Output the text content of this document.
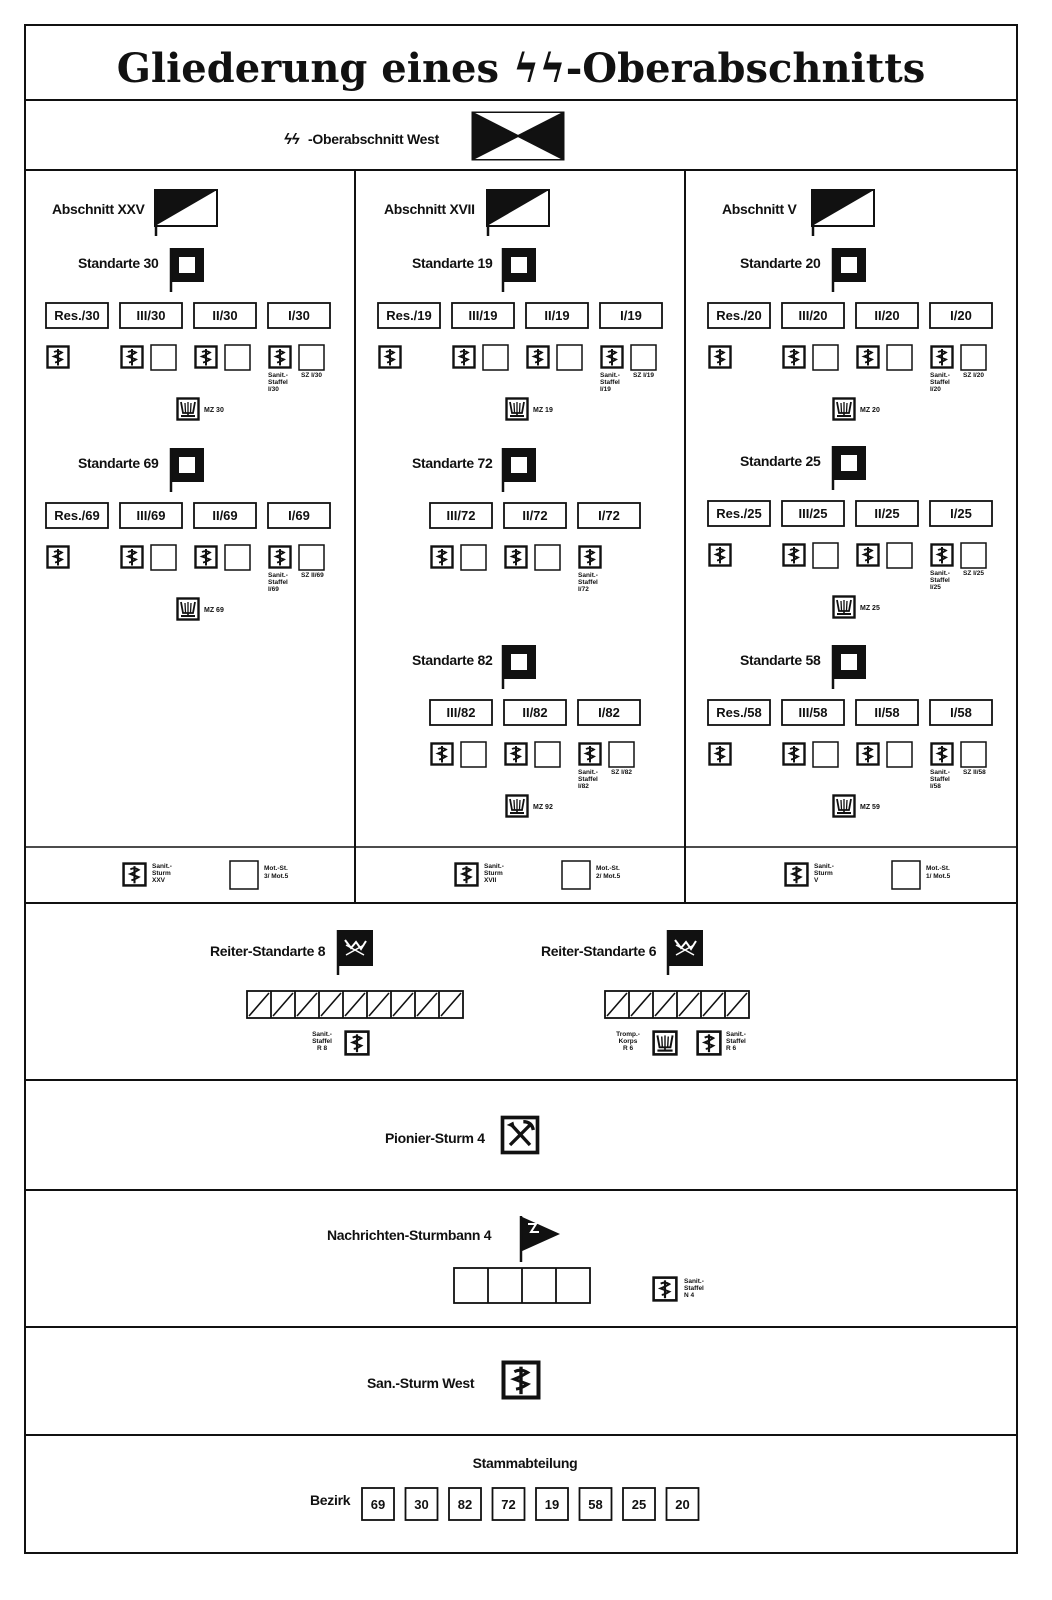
Gliederung eines ϟϟ-Oberabschnitts
ϟϟ -Oberabschnitt West
Abschnitt XXV
Standarte 30
Res./30	III/30	II/30	I/30
Sanit.-Staffel I/30
SZ I/30
MZ 30
Standarte 69
Res./69	III/69	II/69	I/69
Sanit.-Staffel I/69
SZ II/69
MZ 69
Sanit.-Sturm XXV
Mot.-St. 3/ Mot.5
Abschnitt XVII
Standarte 19
Res./19	III/19	II/19	I/19
Sanit.-Staffel I/19
SZ I/19
MZ 19
Standarte 72
III/72	II/72	I/72
Sanit.-Staffel I/72
Standarte 82
III/82	II/82	I/82
Sanit.-Staffel I/82
SZ I/82
MZ 92
Sanit.-Sturm XVII
Mot.-St. 2/ Mot.5
Abschnitt V
Standarte 20
Res./20	III/20	II/20	I/20
Sanit.-Staffel I/20
SZ I/20
MZ 20
Standarte 25
Res./25	III/25	II/25	I/25
Sanit.-Staffel I/25
SZ I/25
MZ 25
Standarte 58
Res./58	III/58	II/58	I/58
Sanit.-Staffel I/58
SZ II/58
MZ 59
Sanit.-Sturm V
Mot.-St. 1/ Mot.5
Reiter-Standarte 8	Reiter-Standarte 6
Sanit.-Staffel R 8
Tromp.-Korps R 6
Sanit.-Staffel R 6
Pionier-Sturm 4
Nachrichten-Sturmbann 4
Sanit.-Staffel N 4
San.-Sturm West
Stammabteilung
Bezirk 69 30 82 72 19 58 25 20
